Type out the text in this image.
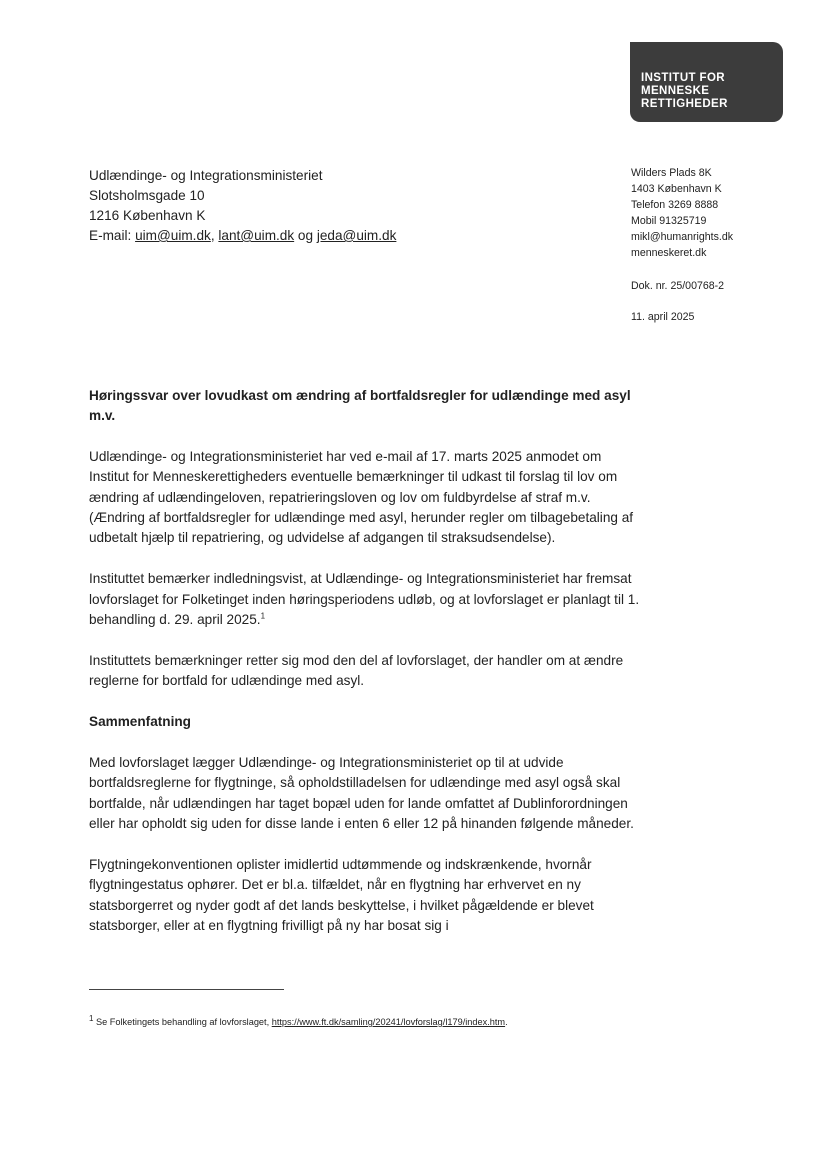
INSTITUT FOR
MENNESKE
RETTIGHEDER
Udlændinge- og Integrationsministeriet
Slotsholmsgade 10
1216 København K
E-mail: uim@uim.dk, lant@uim.dk og jeda@uim.dk
Wilders Plads 8K
1403 København K
Telefon 3269 8888
Mobil 91325719
mikl@humanrights.dk
menneskeret.dk
Dok. nr. 25/00768-2
11. april 2025
Høringssvar over lovudkast om ændring af bortfaldsregler for udlændinge med asyl m.v.

Udlændinge- og Integrationsministeriet har ved e-mail af 17. marts 2025 anmodet om Institut for Menneskerettigheders eventuelle bemærkninger til udkast til forslag til lov om ændring af udlændingeloven, repatrieringsloven og lov om fuldbyrdelse af straf m.v. (Ændring af bortfaldsregler for udlændinge med asyl, herunder regler om tilbagebetaling af udbetalt hjælp til repatriering, og udvidelse af adgangen til straksudsendelse).

Instituttet bemærker indledningsvist, at Udlændinge- og Integrationsministeriet har fremsat lovforslaget for Folketinget inden høringsperiodens udløb, og at lovforslaget er planlagt til 1. behandling d. 29. april 2025.$^1$

Instituttets bemærkninger retter sig mod den del af lovforslaget, der handler om at ændre reglerne for bortfald for udlændinge med asyl.

Sammenfatning

Med lovforslaget lægger Udlændinge- og Integrationsministeriet op til at udvide bortfaldsreglerne for flygtninge, så opholdstilladelsen for udlændinge med asyl også skal bortfalde, når udlændingen har taget bopæl uden for lande omfattet af Dublinforordningen eller har opholdt sig uden for disse lande i enten 6 eller 12 på hinanden følgende måneder.

Flygtningekonventionen oplister imidlertid udtømmende og indskrænkende, hvornår flygtningestatus ophører. Det er bl.a. tilfældet, når en flygtning har erhvervet en ny statsborgerret og nyder godt af det lands beskyttelse, i hvilket pågældende er blevet statsborger, eller at en flygtning frivilligt på ny har bosat sig i

$^1$ Se Folketingets behandling af lovforslaget, https://www.ft.dk/samling/20241/lovforslag/l179/index.htm.
